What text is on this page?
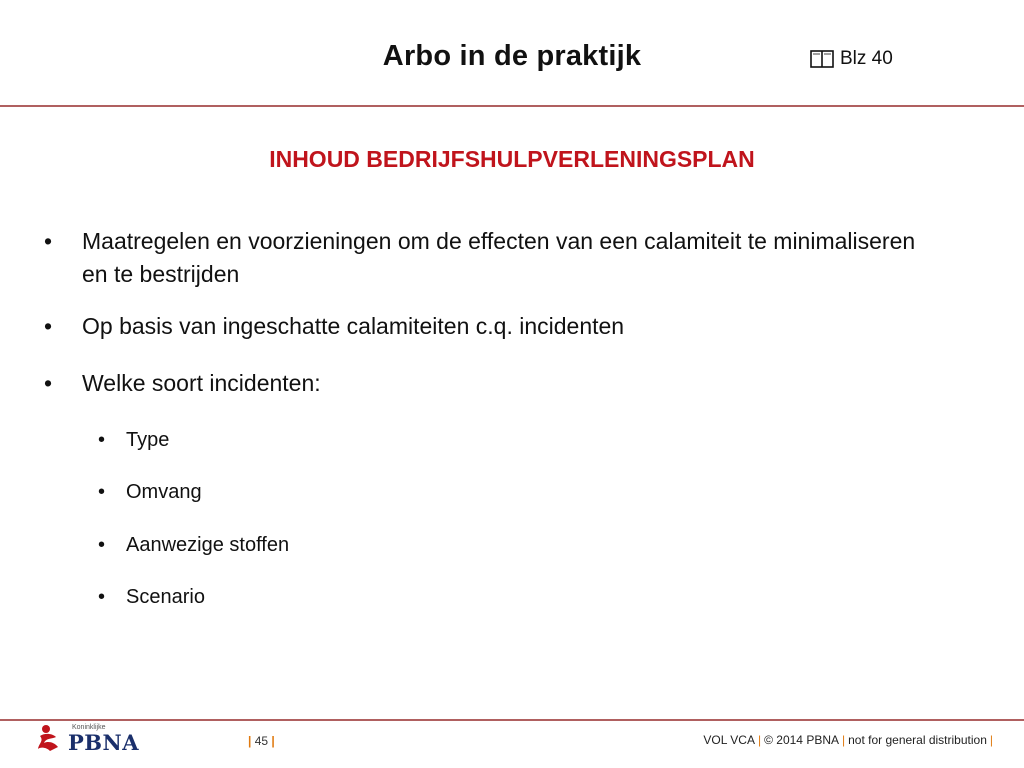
Arbo in de praktijk	Blz 40
INHOUD BEDRIJFSHULPVERLENINGSPLAN
• Maatregelen en voorzieningen om de effecten van een calamiteit te minimaliseren en te bestrijden
• Op basis van ingeschatte calamiteiten c.q. incidenten
• Welke soort incidenten:
• Type
• Omvang
• Aanwezige stoffen
• Scenario
Koninklijke
PBNA	| 45 |	VOL VCA | © 2014 PBNA | not for general distribution |
